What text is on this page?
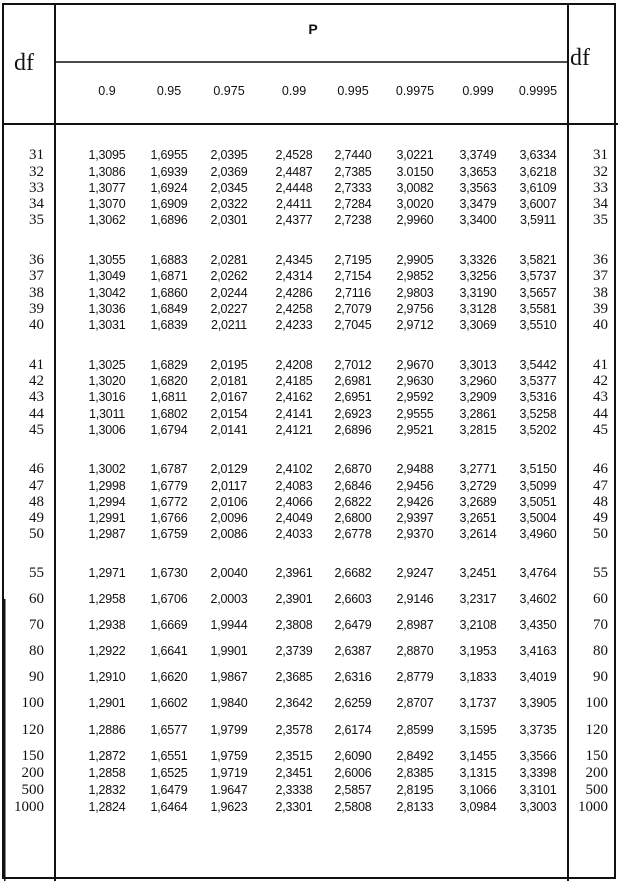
df	df
P
0.9	0.95	0.975	0.99 0.995 0.9975 0.999 0.9995
31	1,3095 1,6955 2,0395 2,4528 2,7440 3,0221 3,3749 3,6334 31
32	1,3086 1,6939 2,0369 2,4487 2,7385 3.0150 3,3653 3,6218 32
33	1,3077 1,6924 2,0345 2,4448 2,7333 3,0082 3,3563 3,6109 33
34	1,3070 1,6909 2,0322 2,4411 2,7284 3,0020 3,3479 3,6007 34
35	1,3062 1,6896 2,0301 2,4377 2,7238 2,9960 3,3400 3,5911 35
36	1,3055 1,6883 2,0281 2,4345 2,7195 2,9905 3,3326 3,5821 36
37	1,3049 1,6871 2,0262 2,4314 2,7154 2,9852 3,3256 3,5737 37
38	1,3042 1,6860 2,0244 2,4286 2,7116 2,9803 3,3190 3,5657 38
39	1,3036 1,6849 2,0227 2,4258 2,7079 2,9756 3,3128 3,5581 39
40	1,3031 1,6839 2,0211 2,4233 2,7045 2,9712 3,3069 3,5510 40
41	1,3025 1,6829 2,0195 2,4208 2,7012 2,9670 3,3013 3,5442 41
42	1,3020 1,6820 2,0181 2,4185 2,6981 2,9630 3,2960 3,5377 42
43	1,3016 1,6811 2,0167 2,4162 2,6951 2,9592 3,2909 3,5316 43
44	1,3011 1,6802 2,0154 2,4141 2,6923 2,9555 3,2861 3,5258 44
45	1,3006 1,6794 2,0141 2,4121 2,6896 2,9521 3,2815 3,5202 45
46	1,3002 1,6787 2,0129 2,4102 2,6870 2,9488 3,2771 3,5150 46
47	1,2998 1,6779 2,0117 2,4083 2,6846 2,9456 3,2729 3,5099 47
48	1,2994 1,6772 2,0106 2,4066 2,6822 2,9426 3,2689 3,5051 48
49	1,2991 1,6766 2,0096 2,4049 2,6800 2,9397 3,2651 3,5004 49
50	1,2987 1,6759 2,0086 2,4033 2,6778 2,9370 3,2614 3,4960 50
55	1,2971 1,6730 2,0040 2,3961 2,6682 2,9247 3,2451 3,4764 55
60	1,2958 1,6706 2,0003 2,3901 2,6603 2,9146 3,2317 3,4602 60
70	1,2938 1,6669 1,9944 2,3808 2,6479 2,8987 3,2108 3,4350 70
80	1,2922 1,6641 1,9901 2,3739 2,6387 2,8870 3,1953 3,4163 80
90	1,2910 1,6620 1,9867 2,3685 2,6316 2,8779 3,1833 3,4019 90
100	1,2901 1,6602 1,9840 2,3642 2,6259 2,8707 3,1737 3,3905 100
120	1,2886 1,6577 1,9799 2,3578 2,6174 2,8599 3,1595 3,3735 120
150	1,2872 1,6551 1,9759 2,3515 2,6090 2,8492 3,1455 3,3566 150
200	1,2858 1,6525 1,9719 2,3451 2,6006 2,8385 3,1315 3,3398 200
500	1,2832 1,6479 1.9647 2,3338 2,5857 2,8195 3,1066 3,3101 500
1000	1,2824 1,6464 1,9623 2,3301 2,5808 2,8133 3,0984 3,3003 1000
